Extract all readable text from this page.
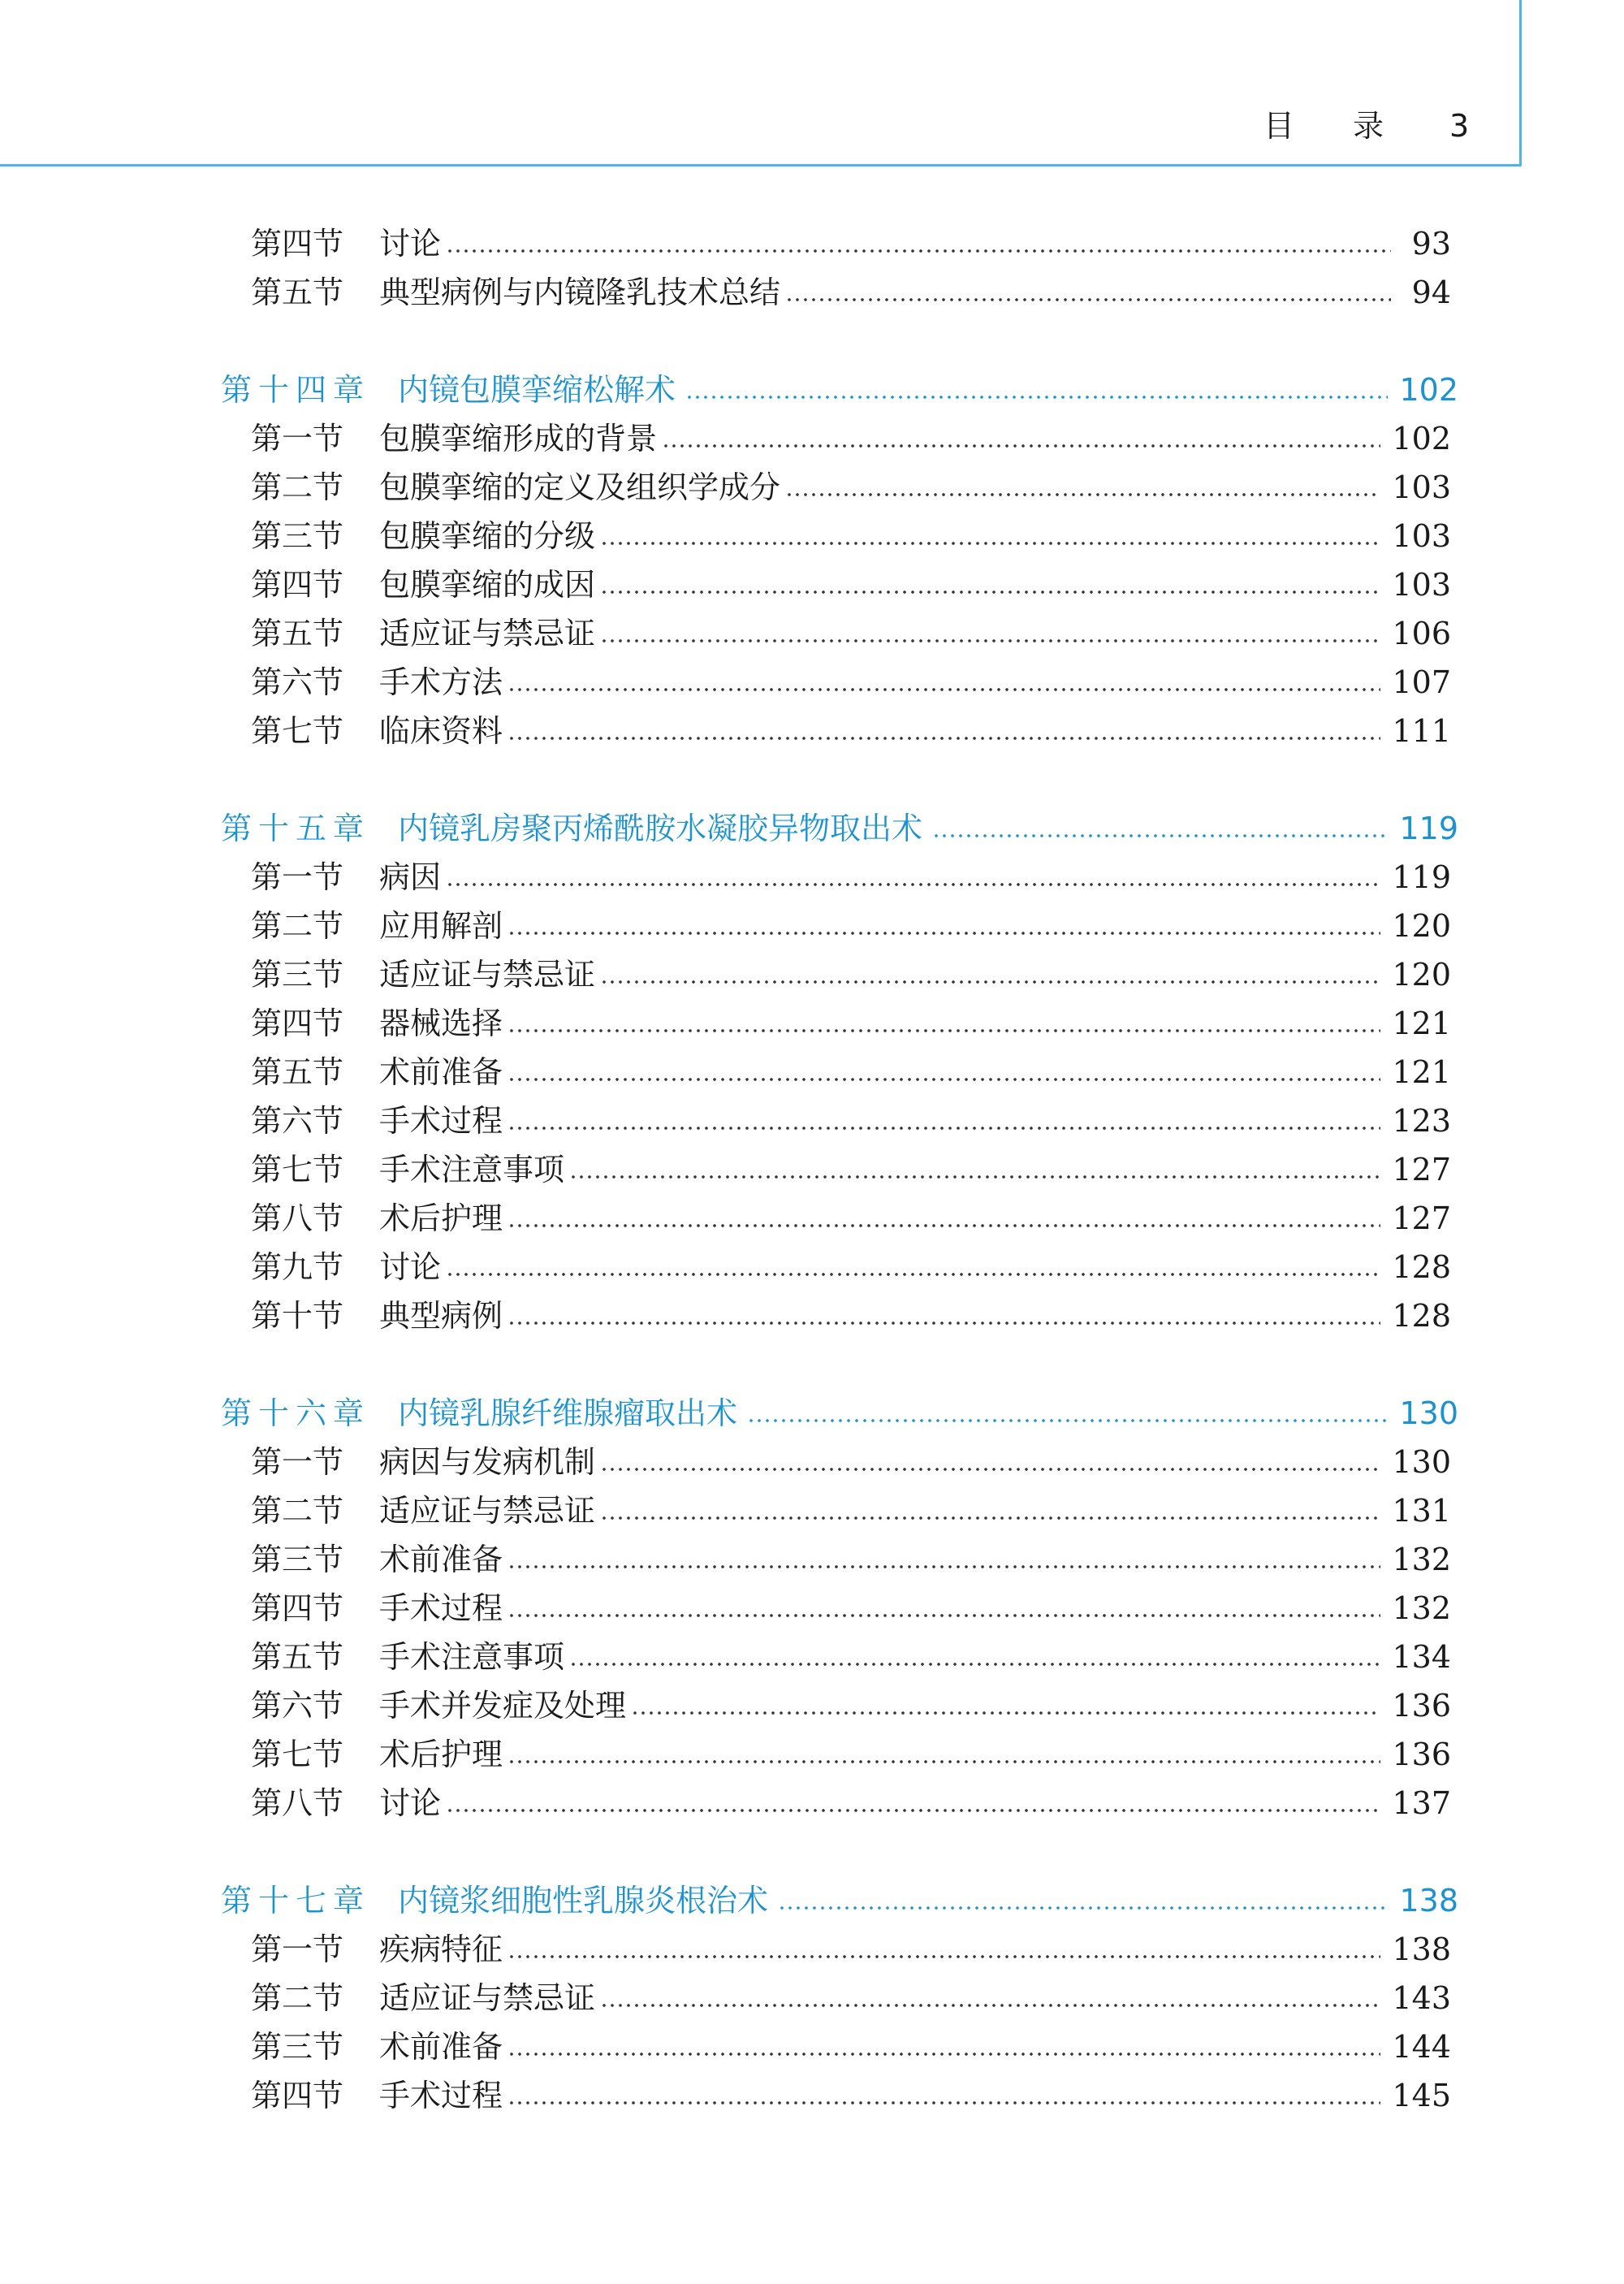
目 录 3
第四节 讨论	93
第五节 典型病例与内镜隆乳技术总结	94
第十四章 内镜包膜挛缩松解术	102
第一节 包膜挛缩形成的背景	102
第二节 包膜挛缩的定义及组织学成分	103
第三节 包膜挛缩的分级	103
第四节 包膜挛缩的成因	103
第五节 适应证与禁忌证	106
第六节 手术方法	107
第七节 临床资料	111
第十五章 内镜乳房聚丙烯酰胺水凝胶异物取出术	119
第一节 病因	119
第二节 应用解剖	120
第三节 适应证与禁忌证	120
第四节 器械选择	121
第五节 术前准备	121
第六节 手术过程	123
第七节 手术注意事项	127
第八节 术后护理	127
第九节 讨论	128
第十节 典型病例	128
第十六章 内镜乳腺纤维腺瘤取出术	130
第一节 病因与发病机制	130
第二节 适应证与禁忌证	131
第三节 术前准备	132
第四节 手术过程	132
第五节 手术注意事项	134
第六节 手术并发症及处理	136
第七节 术后护理	136
第八节 讨论	137
第十七章 内镜浆细胞性乳腺炎根治术	138
第一节 疾病特征	138
第二节 适应证与禁忌证	143
第三节 术前准备	144
第四节 手术过程	145
